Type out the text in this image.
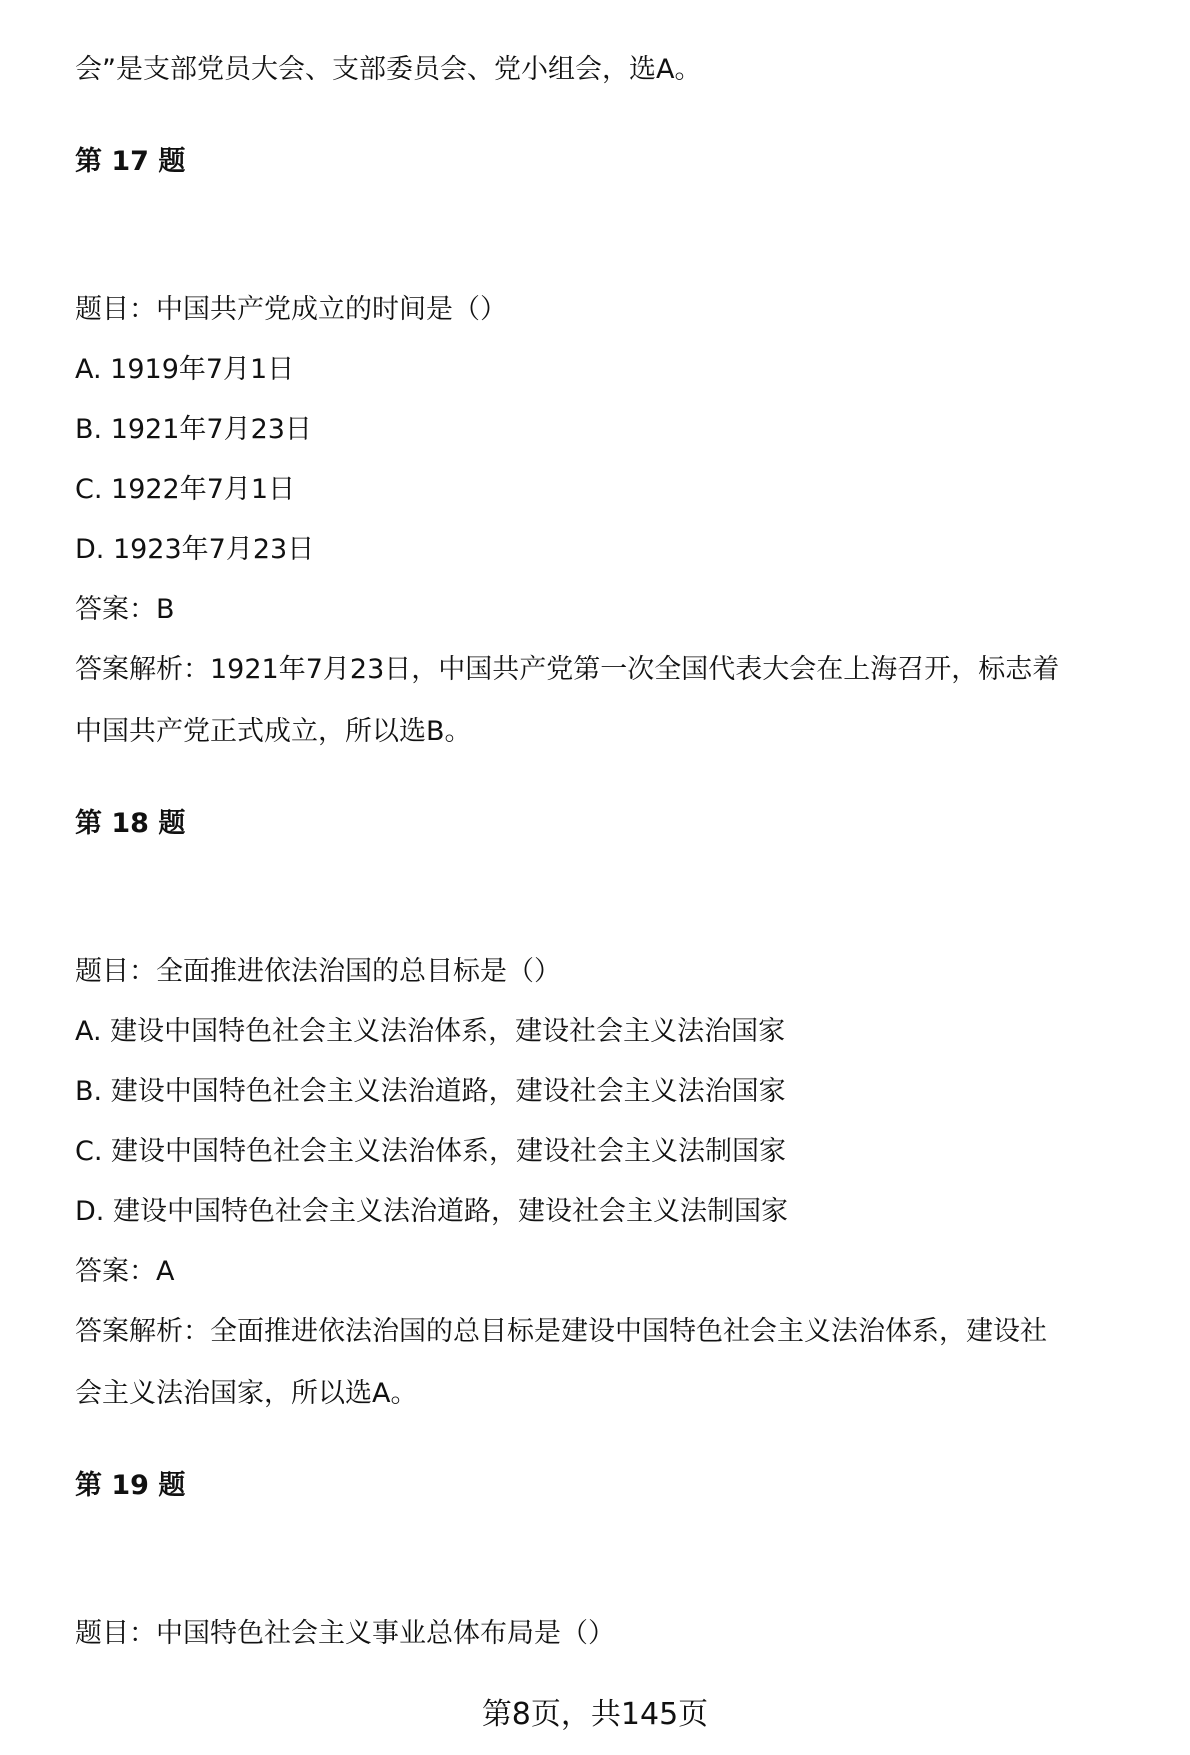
会”是支部党员大会、支部委员会、党小组会，选A。
第 17 题
题目：中国共产党成立的时间是（）
A. 1919年7月1日
B. 1921年7月23日
C. 1922年7月1日
D. 1923年7月23日
答案：B
答案解析：1921年7月23日，中国共产党第一次全国代表大会在上海召开，标志着
中国共产党正式成立，所以选B。
第 18 题
题目：全面推进依法治国的总目标是（）
A. 建设中国特色社会主义法治体系，建设社会主义法治国家
B. 建设中国特色社会主义法治道路，建设社会主义法治国家
C. 建设中国特色社会主义法治体系，建设社会主义法制国家
D. 建设中国特色社会主义法治道路，建设社会主义法制国家
答案：A
答案解析：全面推进依法治国的总目标是建设中国特色社会主义法治体系，建设社
会主义法治国家，所以选A。
第 19 题
题目：中国特色社会主义事业总体布局是（）
第8页，共145页
